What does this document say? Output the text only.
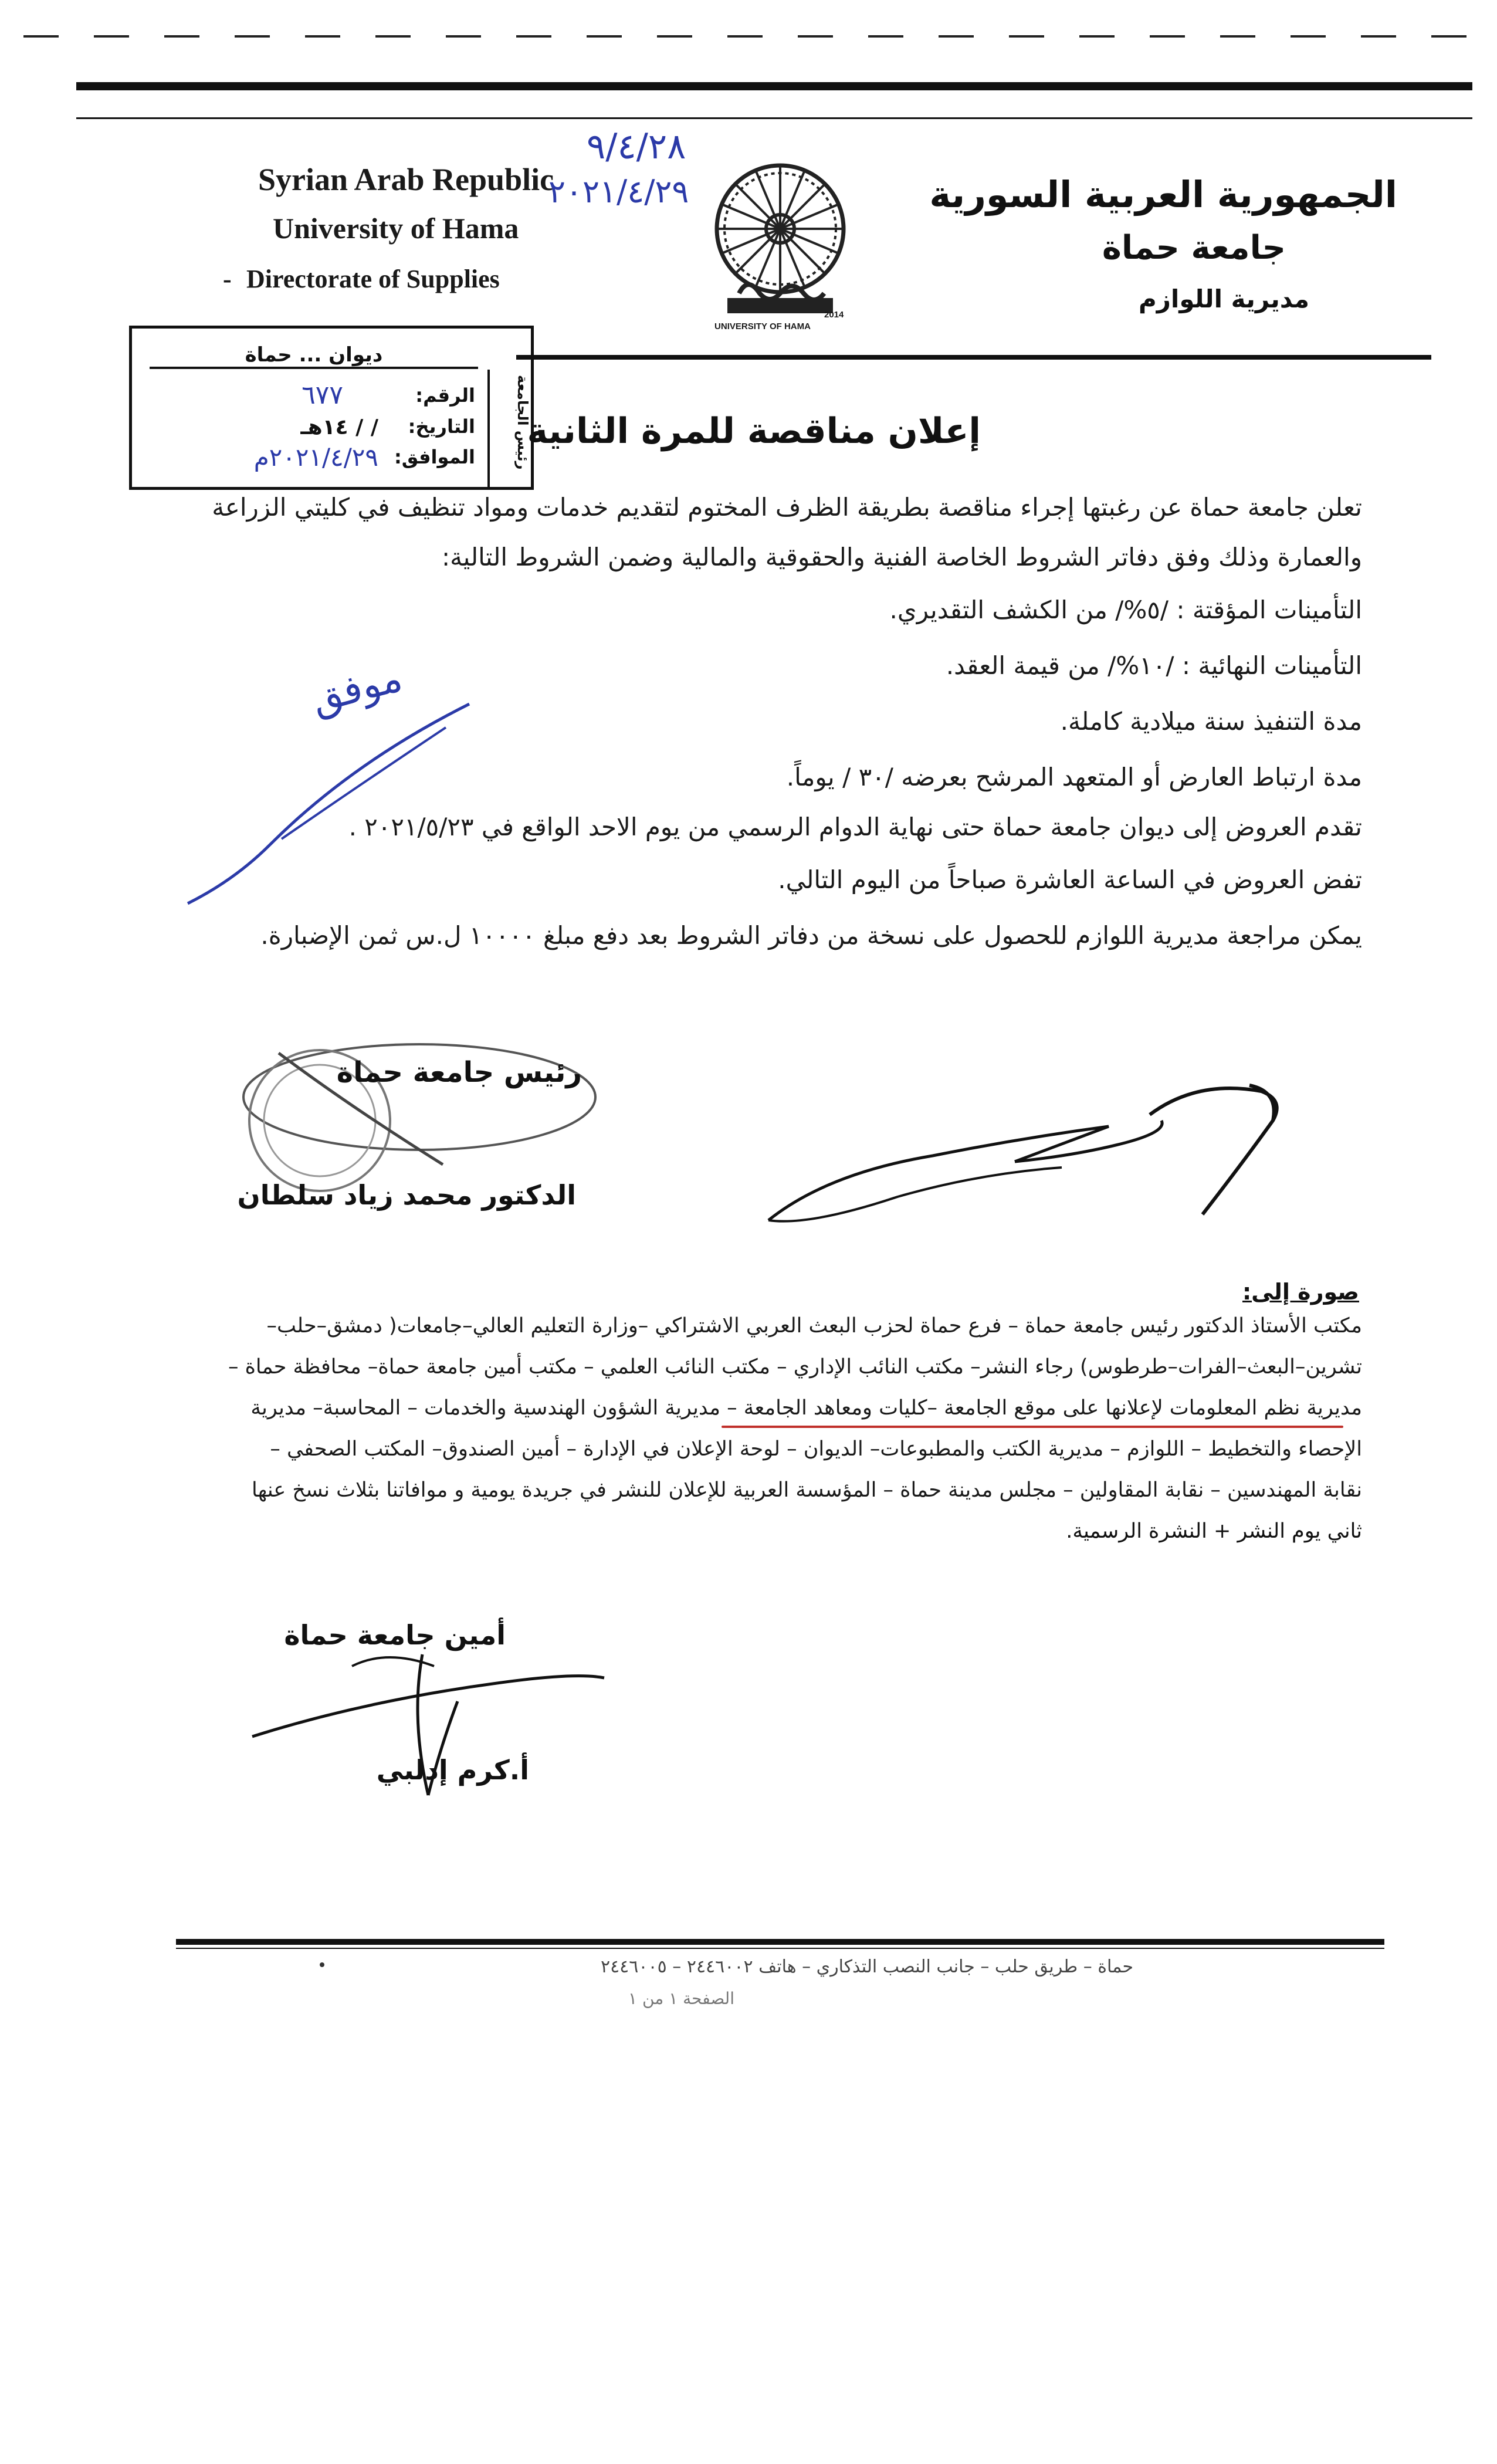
Syrian Arab Republic
University of Hama
Directorate of Supplies
-
٩/٤/٢٨
٢٠٢١/٤/٢٩
UNIVERSITY OF HAMA
2014
الجمهورية العربية السورية
جامعة حماة
مديرية اللوازم
ديوان ... حماة
الرقم:
٦٧٧
التاريخ:
/ / ١٤هـ
الموافق:
٢٠٢١/٤/٢٩م	رئيس الجامعة
إعلان مناقصة للمرة الثانية
تعلن جامعة حماة عن رغبتها إجراء مناقصة بطريقة الظرف المختوم لتقديم خدمات ومواد تنظيف في كليتي الزراعة
والعمارة وذلك وفق دفاتر الشروط الخاصة الفنية والحقوقية والمالية وضمن الشروط التالية:
التأمينات المؤقتة : /٥%/ من الكشف التقديري.
التأمينات النهائية : /١٠%/ من قيمة العقد.
مدة التنفيذ سنة ميلادية كاملة.
مدة ارتباط العارض أو المتعهد المرشح بعرضه /٣٠ / يوماً.
تقدم العروض إلى ديوان جامعة حماة حتى نهاية الدوام الرسمي من يوم الاحد الواقع في ٢٠٢١/٥/٢٣ .
تفض العروض في الساعة العاشرة صباحاً من اليوم التالي.
يمكن مراجعة مديرية اللوازم للحصول على نسخة من دفاتر الشروط بعد دفع مبلغ ١٠٠٠٠ ل.س ثمن الإضبارة.
موفق
رئيس جامعة حماة
الدكتور محمد زياد سلطان
صورة إلى:
مكتب الأستاذ الدكتور رئيس جامعة حماة – فرع حماة لحزب البعث العربي الاشتراكي –وزارة التعليم العالي–جامعات( دمشق–حلب–
تشرين–البعث–الفرات–طرطوس) رجاء النشر– مكتب النائب الإداري – مكتب النائب العلمي – مكتب أمين جامعة حماة– محافظة حماة –
مديرية نظم المعلومات لإعلانها على موقع الجامعة –كليات ومعاهد الجامعة – مديرية الشؤون الهندسية والخدمات – المحاسبة– مديرية
الإحصاء والتخطيط – اللوازم – مديرية الكتب والمطبوعات– الديوان – لوحة الإعلان في الإدارة – أمين الصندوق– المكتب الصحفي –
نقابة المهندسين – نقابة المقاولين – مجلس مدينة حماة – المؤسسة العربية للإعلان للنشر في جريدة يومية و موافاتنا بثلاث نسخ عنها
ثاني يوم النشر + النشرة الرسمية.
أمين جامعة حماة
أ.كرم إدلبي
حماة – طريق حلب – جانب النصب التذكاري – هاتف ٢٤٤٦٠٠٢ – ٢٤٤٦٠٠٥
الصفحة ١ من ١
